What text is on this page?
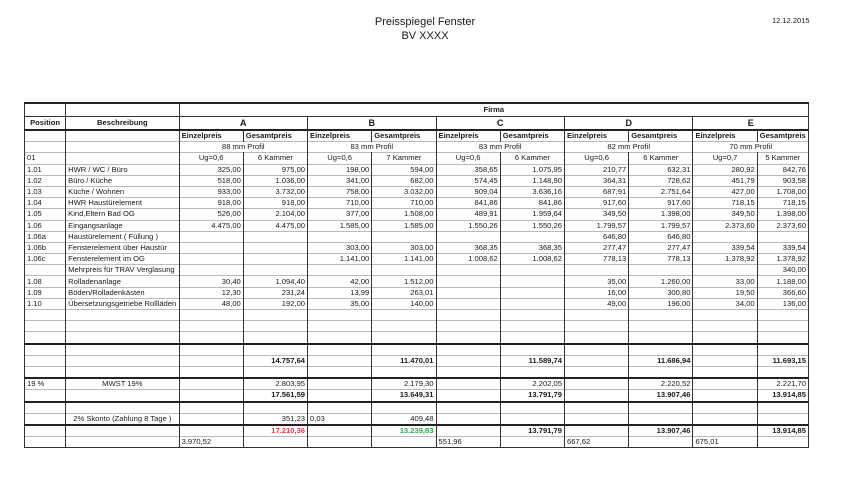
Preisspiegel Fenster
BV XXXX
12.12.2015
		Firma									
Position	Beschreibung	A		B		C		D		E	
		Einzelpreis	Gesamtpreis	Einzelpreis	Gesamtpreis	Einzelpreis	Gesamtpreis	Einzelpreis	Gesamtpreis	Einzelpreis	Gesamtpreis
		88 mm Profil		83 mm Profil		83 mm Profil		82 mm Profil		70 mm Profil	
01		Ug=0,6	6 Kammer	Ug=0,6	7 Kammer	Ug=0,6	6 Kammer	Ug=0,6	6 Kammer	Ug=0,7	5 Kammer
1.01	HWR / WC / Büro	325,00	975,00	198,00	594,00	358,65	1.075,95	210,77	632,31	280,92	842,76
1.02	Büro / Küche	518,00	1.036,00	341,00	682,00	574,45	1.148,90	364,31	728,62	451,79	903,58
1.03	Küche / Wohnen	933,00	3.732,00	758,00	3.032,00	909,04	3.636,16	687,91	2.751,64	427,00	1.708,00
1.04	HWR Haustürelement	918,00	918,00	710,00	710,00	841,86	841,86	917,60	917,60	718,15	718,15
1.05	Kind,Eltern Bad OG	526,00	2.104,00	377,00	1.508,00	489,91	1.959,64	349,50	1.398,00	349,50	1.398,00
1.06	Eingangsanlage	4.475,00	4.475,00	1.585,00	1.585,00	1.550,26	1.550,26	1.799,57	1.799,57	2.373,60	2.373,60
1.06a	Haustürelement ( Füllung )							646,80	646,80		
1.06b	Fensterelement über Haustür			303,00	303,00	368,35	368,35	277,47	277,47	339,54	339,54
1.06c	Fensterelement im OG			1.141,00	1.141,00	1.008,62	1.008,62	778,13	778,13	1.378,92	1.378,92
	Mehrpreis für TRAV Verglasung										340,00
1.08	Rolladenanlage	30,40	1.094,40	42,00	1.512,00			35,00	1.260,00	33,00	1.188,00
1.09	Böden/Rolladenkästen	12,30	231,24	13,99	263,01			16,00	300,80	19,50	366,60
1.10	Übersetzungsgetriebe Rollläden	48,00	192,00	35,00	140,00			49,00	196,00	34,00	136,00

			14.757,64		11.470,01		11.589,74		11.686,94		11.693,15

19 %	MWST 19%		2.803,95		2.179,30		2.202,05		2.220,52		2.221,70
			17.561,59		13.649,31		13.791,79		13.907,46		13.914,85

	2% Skonto (Zahlung 8 Tage )		351,23	0,03	409,48						
			17.210,36		13.239,83		13.791,79		13.907,46		13.914,85
		3.970,52				551,96		667,62		675,01	
